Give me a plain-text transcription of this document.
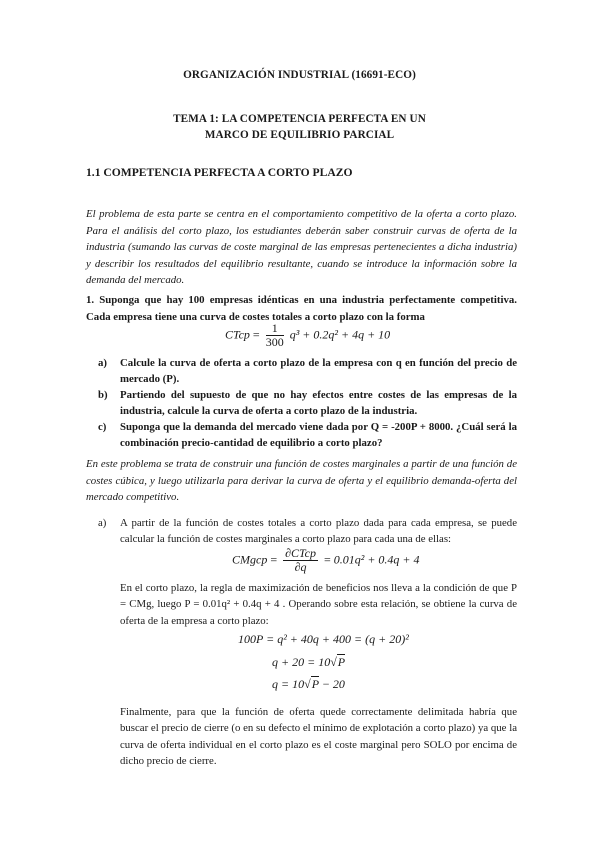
ORGANIZACIÓN INDUSTRIAL (16691-ECO)
TEMA 1: LA COMPETENCIA PERFECTA EN UN
MARCO DE EQUILIBRIO PARCIAL
1.1 COMPETENCIA PERFECTA A CORTO PLAZO
El problema de esta parte se centra en el comportamiento competitivo de la oferta a corto plazo. Para el análisis del corto plazo, los estudiantes deberán saber construir curvas de oferta de la industria (sumando las curvas de coste marginal de las empresas pertenecientes a dicha industria) y describir los resultados del equilibrio resultante, cuando se introduce la información sobre la demanda del mercado.
1. Suponga que hay 100 empresas idénticas en una industria perfectamente competitiva. Cada empresa tiene una curva de costes totales a corto plazo con la forma
CTcp = $\frac{1}{300} q^3 + 0.2q^2 + 4q + 10$
a)	Calcule la curva de oferta a corto plazo de la empresa con q en función del precio de mercado (P).
b)	Partiendo del supuesto de que no hay efectos entre costes de las empresas de la industria, calcule la curva de oferta a corto plazo de la industria.
c)	Suponga que la demanda del mercado viene dada por Q = -200P + 8000. ¿Cuál será la combinación precio-cantidad de equilibrio a corto plazo?
En este problema se trata de construir una función de costes marginales a partir de una función de costes cúbica, y luego utilizarla para derivar la curva de oferta y el equilibrio demanda-oferta del mercado competitivo.
a) A partir de la función de costes totales a corto plazo dada para cada empresa, se puede calcular la función de costes marginales a corto plazo para cada una de ellas:
CMgcp = $\frac{\text{∂CTcp}}{\partial q} = 0.01q^2 + 0.4q + 4$
En el corto plazo, la regla de maximización de beneficios nos lleva a la condición de que P = CMg, luego P = 0.01q² + 0.4q + 4 . Operando sobre esta relación, se obtiene la curva de oferta de la empresa a corto plazo:
100P = q² + 40q + 400 = (q + 20)²
q + 20 = 10√P
q = 10√P − 20
Finalmente, para que la función de oferta quede correctamente delimitada habría que buscar el precio de cierre (o en su defecto el mínimo de explotación a corto plazo) ya que la curva de oferta individual en el corto plazo es el coste marginal pero SOLO por encima de dicho precio de cierre.
